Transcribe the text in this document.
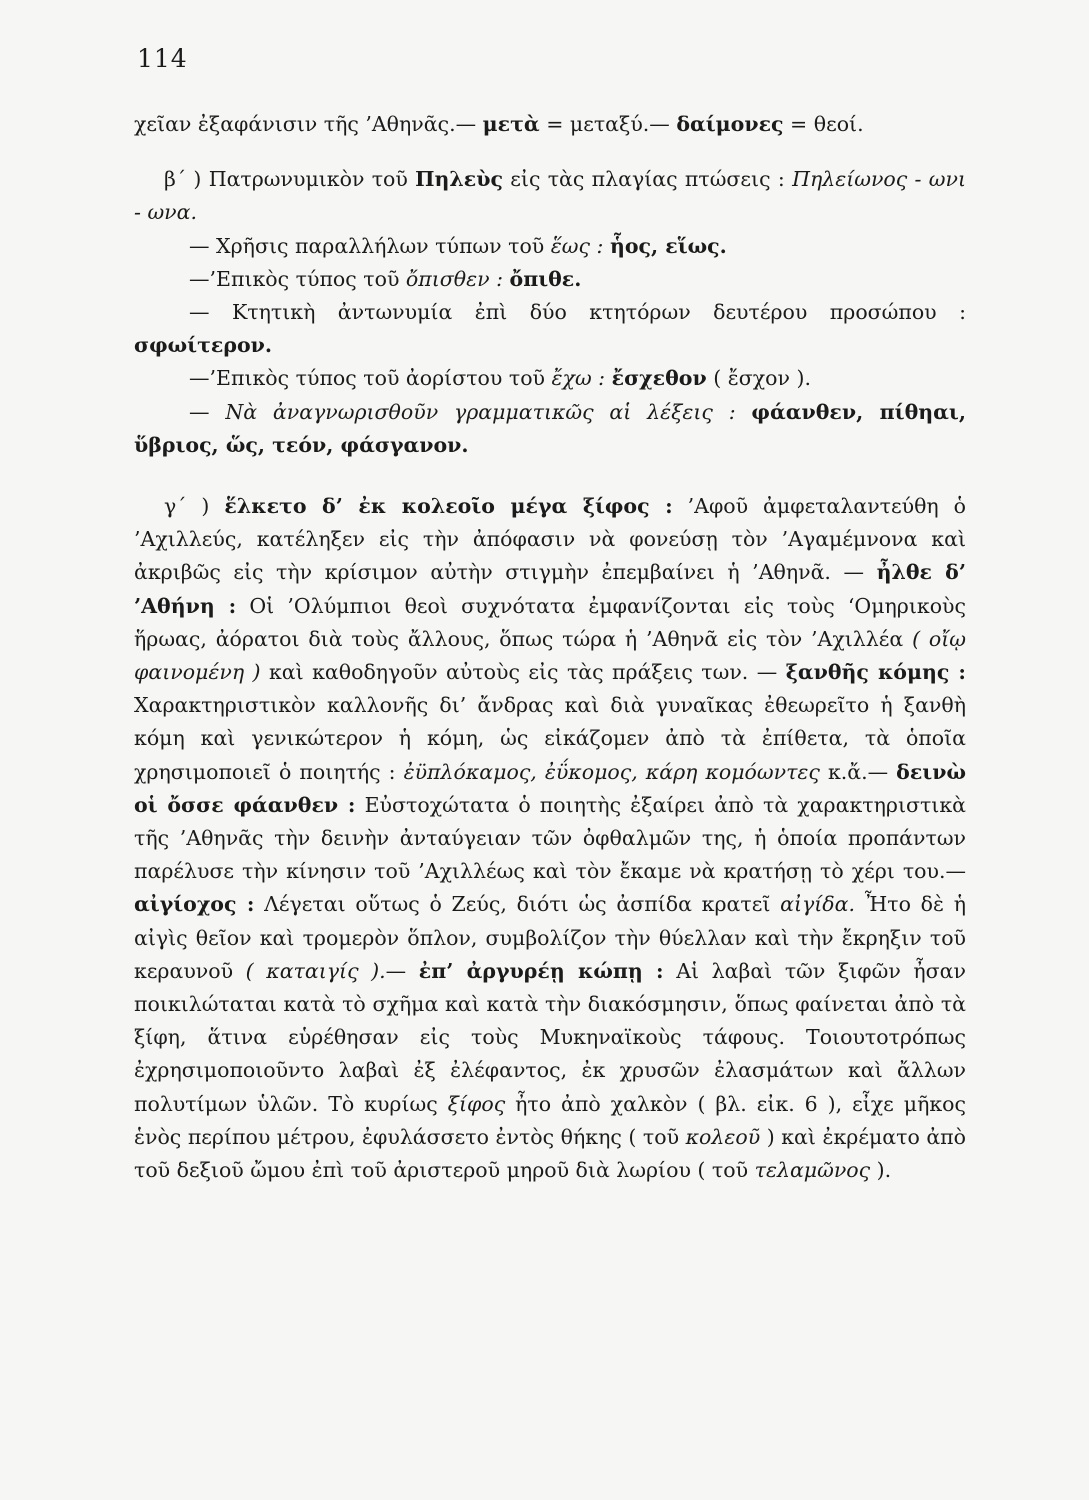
114

χεῖαν ἐξαφάνισιν τῆς ’Αθηνᾶς.— μετὰ = μεταξύ.— δαίμονες = θεοί.

β΄ ) Πατρωνυμικὸν τοῦ Πηλεὺς εἰς τὰς πλαγίας πτώσεις : Πηλείωνος - ωνι - ωνα.

— Χρῆσις παραλλήλων τύπων τοῦ ἕως : ἧος, εἵως.

—’Επικὸς τύπος τοῦ ὄπισθεν : ὄπιθε.

— Κτητικὴ ἀντωνυμία ἐπὶ δύο κτητόρων δευτέρου προσώπου : σφωίτερον.

—’Επικὸς τύπος τοῦ ἀορίστου τοῦ ἔχω : ἔσχεθον ( ἔσχον ).

— Νὰ ἀναγνωρισθοῦν γραμματικῶς αἱ λέξεις : φάανθεν, πίθηαι, ὕβριος, ὥς, τεόν, φάσγανον.

γ΄ ) ἕλκετο δ’ ἐκ κολεοῖο μέγα ξίφος : ’Αφοῦ ἀμφεταλαντεύθη ὁ ’Αχιλλεύς, κατέληξεν εἰς τὴν ἀπόφασιν νὰ φονεύσῃ τὸν ’Αγαμέμνονα καὶ ἀκριβῶς εἰς τὴν κρίσιμον αὐτὴν στιγμὴν ἐπεμβαίνει ἡ ’Αθηνᾶ. — ἦλθε δ’ ’Αθήνη : Οἱ ’Ολύμπιοι θεοὶ συχνότατα ἐμφανίζονται εἰς τοὺς ‘Ομηρικοὺς ἥρωας, ἀόρατοι διὰ τοὺς ἄλλους, ὅπως τώρα ἡ ’Αθηνᾶ εἰς τὸν ’Αχιλλέα ( οἴῳ φαινομένη ) καὶ καθοδηγοῦν αὐτοὺς εἰς τὰς πράξεις των. — ξανθῆς κόμης : Χαρακτηριστικὸν καλλονῆς δι’ ἄνδρας καὶ διὰ γυναῖκας ἐθεωρεῖτο ἡ ξανθὴ κόμη καὶ γενικώτερον ἡ κόμη, ὡς εἰκάζομεν ἀπὸ τὰ ἐπίθετα, τὰ ὁποῖα χρησιμοποιεῖ ὁ ποιητής : ἐϋπλόκαμος, ἐΰκομος, κάρη κομόωντες κ.ἄ.— δεινὼ οἱ ὄσσε φάανθεν : Εὐστοχώτατα ὁ ποιητὴς ἐξαίρει ἀπὸ τὰ χαρακτηριστικὰ τῆς ’Αθηνᾶς τὴν δεινὴν ἀνταύγειαν τῶν ὀφθαλμῶν της, ἡ ὁποία προπάντων παρέλυσε τὴν κίνησιν τοῦ ’Αχιλλέως καὶ τὸν ἔκαμε νὰ κρατήσῃ τὸ χέρι του.— αἰγίοχος : Λέγεται οὕτως ὁ Ζεύς, διότι ὡς ἀσπίδα κρατεῖ αἰγίδα. Ἦτο δὲ ἡ αἰγὶς θεῖον καὶ τρομερὸν ὅπλον, συμβολίζον τὴν θύελλαν καὶ τὴν ἔκρηξιν τοῦ κεραυνοῦ ( καταιγίς ).— ἐπ’ ἀργυρέῃ κώπῃ : Αἱ λαβαὶ τῶν ξιφῶν ἦσαν ποικιλώταται κατὰ τὸ σχῆμα καὶ κατὰ τὴν διακόσμησιν, ὅπως φαίνεται ἀπὸ τὰ ξίφη, ἅτινα εὑρέθησαν εἰς τοὺς Μυκηναϊκοὺς τάφους. Τοιουτοτρόπως ἐχρησιμοποιοῦντο λαβαὶ ἐξ ἐλέφαντος, ἐκ χρυσῶν ἐλασμάτων καὶ ἄλλων πολυτίμων ὑλῶν. Τὸ κυρίως ξίφος ἦτο ἀπὸ χαλκὸν ( βλ. εἰκ. 6 ), εἶχε μῆκος ἑνὸς περίπου μέτρου, ἐφυλάσσετο ἐντὸς θήκης ( τοῦ κολεοῦ ) καὶ ἐκρέματο ἀπὸ τοῦ δεξιοῦ ὤμου ἐπὶ τοῦ ἀριστεροῦ μηροῦ διὰ λωρίου ( τοῦ τελαμῶνος ).
